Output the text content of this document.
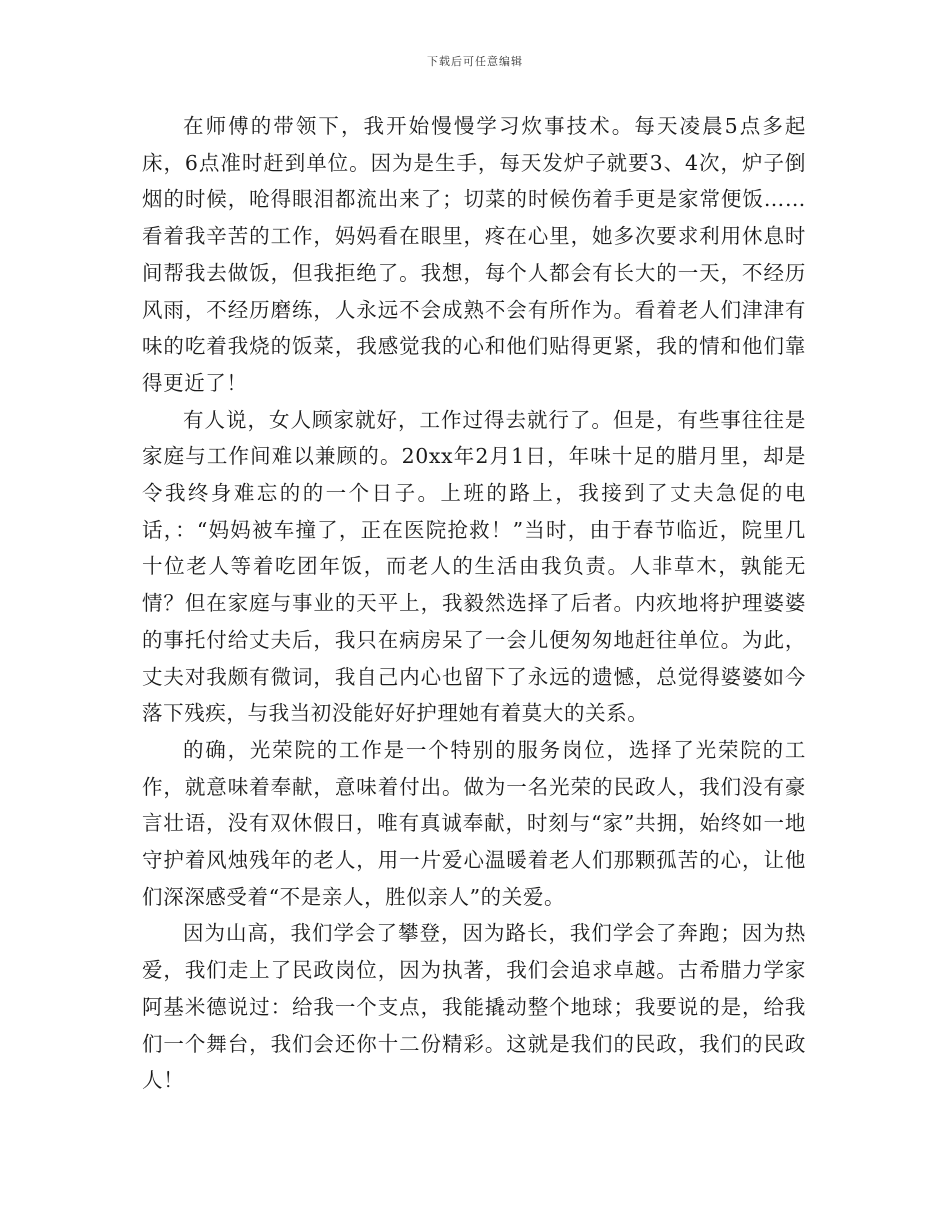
下载后可任意编辑

在师傅的带领下，我开始慢慢学习炊事技术。每天凌晨5点多起床，6点准时赶到单位。因为是生手，每天发炉子就要3、4次，炉子倒烟的时候，呛得眼泪都流出来了；切菜的时候伤着手更是家常便饭……看着我辛苦的工作，妈妈看在眼里，疼在心里，她多次要求利用休息时间帮我去做饭，但我拒绝了。我想，每个人都会有长大的一天，不经历风雨，不经历磨练，人永远不会成熟不会有所作为。看着老人们津津有味的吃着我烧的饭菜，我感觉我的心和他们贴得更紧，我的情和他们靠得更近了！

有人说，女人顾家就好，工作过得去就行了。但是，有些事往往是家庭与工作间难以兼顾的。20xx年2月1日，年味十足的腊月里，却是令我终身难忘的的一个日子。上班的路上，我接到了丈夫急促的电话，：“妈妈被车撞了，正在医院抢救！”当时，由于春节临近，院里几十位老人等着吃团年饭，而老人的生活由我负责。人非草木，孰能无情？但在家庭与事业的天平上，我毅然选择了后者。内疚地将护理婆婆的事托付给丈夫后，我只在病房呆了一会儿便匆匆地赶往单位。为此，丈夫对我颇有微词，我自己内心也留下了永远的遗憾，总觉得婆婆如今落下残疾，与我当初没能好好护理她有着莫大的关系。

的确，光荣院的工作是一个特别的服务岗位，选择了光荣院的工作，就意味着奉献，意味着付出。做为一名光荣的民政人，我们没有豪言壮语，没有双休假日，唯有真诚奉献，时刻与“家”共拥，始终如一地守护着风烛残年的老人，用一片爱心温暖着老人们那颗孤苦的心，让他们深深感受着“不是亲人，胜似亲人”的关爱。

因为山高，我们学会了攀登，因为路长，我们学会了奔跑；因为热爱，我们走上了民政岗位，因为执著，我们会追求卓越。古希腊力学家阿基米德说过：给我一个支点，我能撬动整个地球；我要说的是，给我们一个舞台，我们会还你十二份精彩。这就是我们的民政，我们的民政人！
